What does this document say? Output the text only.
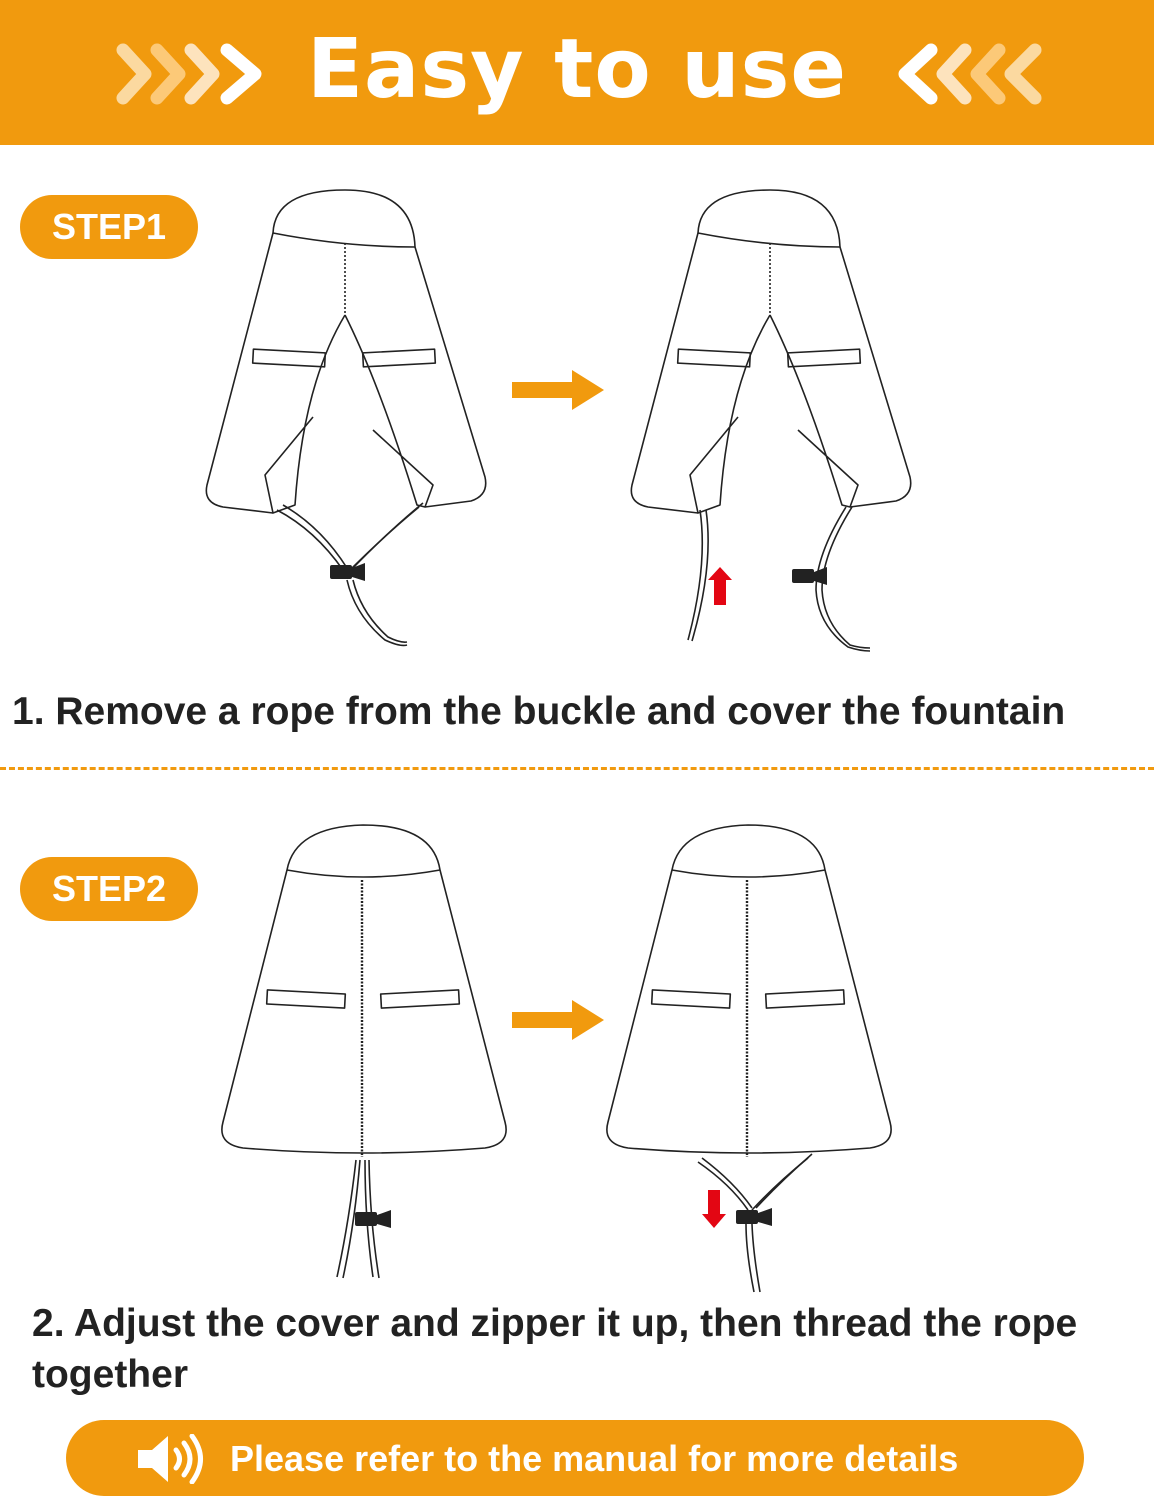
Easy to use
STEP1

1. Remove a rope from the buckle and cover the fountain

STEP2

2. Adjust the cover and zipper it up, then thread the rope together

Please refer to the manual for more details
